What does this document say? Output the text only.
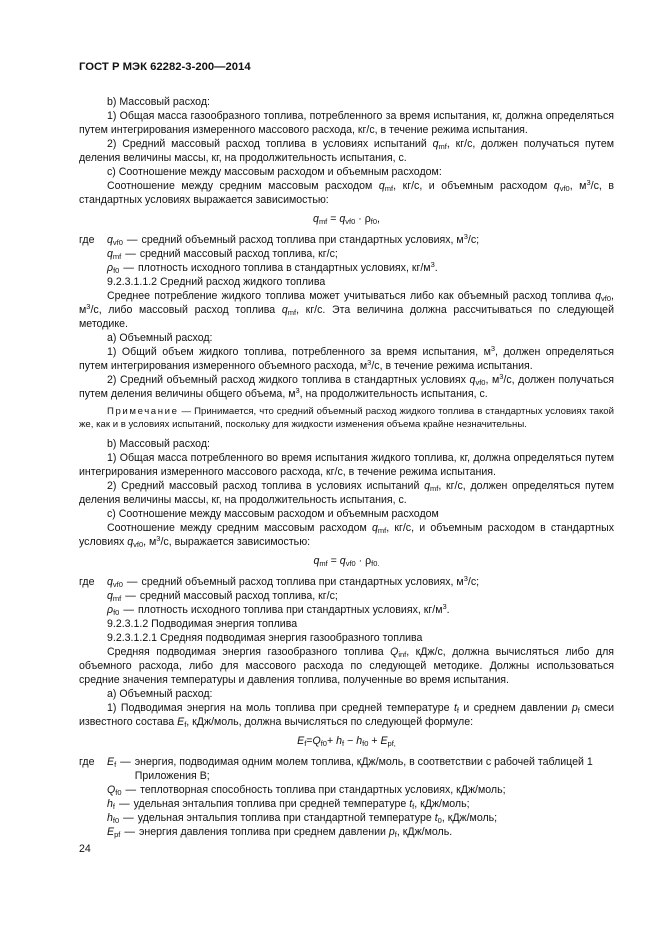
ГОСТ Р МЭК 62282-3-200—2014

b) Массовый расход:

1) Общая масса газообразного топлива, потребленного за время испытания, кг, должна определяться путем интегрирования измеренного массового расхода, кг/с, в течение режима испытания.

2) Средний массовый расход топлива в условиях испытаний $q_{mf}$, кг/с, должен получаться путем деления величины массы, кг, на продолжительность испытания, с.

c) Соотношение между массовым расходом и объемным расходом:

Соотношение между средним массовым расходом $q_{mf}$, кг/с, и объемным расходом $q_{vf0}$, $м^3/с$, в стандартных условиях выражается зависимостью:

$q_{mf} = q_{vf0} \cdot \rho_{f0}$,

где	$q_{vf0}$ — средний объемный расход топлива при стандартных условиях, $м^3/с$;
$q_{mf}$ — средний массовый расход топлива, кг/с;
$\rho_{f0}$ — плотность исходного топлива в стандартных условиях, $кг/м^3$.

9.2.3.1.1.2 Средний расход жидкого топлива

Среднее потребление жидкого топлива может учитываться либо как объемный расход топлива $q_{vf0}$, $м^3/с$, либо массовый расход топлива $q_{mf}$, кг/с. Эта величина должна рассчитываться по следующей методике.

a) Объемный расход:

1) Общий объем жидкого топлива, потребленного за время испытания, $м^3$, должен определяться путем интегрирования измеренного объемного расхода, $м^3/с$, в течение режима испытания.

2) Средний объемный расход жидкого топлива в стандартных условиях $q_{vf0}$, $м^3/с$, должен получаться путем деления величины общего объема, $м^3$, на продолжительность испытания, с.

Примечание — Принимается, что средний объемный расход жидкого топлива в стандартных условиях такой же, как и в условиях испытаний, поскольку для жидкости изменения объема крайне незначительны.

b) Массовый расход:

1) Общая масса потребленного во время испытания жидкого топлива, кг, должна определяться путем интегрирования измеренного массового расхода, кг/с, в течение режима испытания.

2) Средний массовый расход топлива в условиях испытаний $q_{mf}$, кг/с, должен определяться путем деления величины массы, кг, на продолжительность испытания, с.

c) Соотношение между массовым расходом и объемным расходом

Соотношение между средним массовым расходом $q_{mf}$, кг/с, и объемным расходом в стандартных условиях $q_{vf0}$, $м^3/с$, выражается зависимостью:

$q_{mf} = q_{vf0} \cdot \rho_{f0.}$

где	$q_{vf0}$ — средний объемный расход топлива при стандартных условиях, $м^3/с$;
$q_{mf}$ — средний массовый расход топлива, кг/с;
$\rho_{f0}$ — плотность исходного топлива при стандартных условиях, $кг/м^3$.

9.2.3.1.2 Подводимая энергия топлива

9.2.3.1.2.1 Средняя подводимая энергия газообразного топлива

Средняя подводимая энергия газообразного топлива $Q_{inf}$, кДж/с, должна вычисляться либо для объемного расхода, либо для массового расхода по следующей методике. Должны использоваться средние значения температуры и давления топлива, полученные во время испытания.

a) Объемный расход:

1) Подводимая энергия на моль топлива при средней температуре $t_f$ и среднем давлении $p_f$ смеси известного состава $E_f$, кДж/моль, должна вычисляться по следующей формуле:

$E_f=Q_{f0}+ h_f - h_{f0} + E_{pf,}$

где	$E_f$ — энергия, подводимая одним молем топлива, кДж/моль, в соответствии с рабочей таблицей 1 Приложения В;
$Q_{f0}$ — теплотворная способность топлива при стандартных условиях, кДж/моль;
$h_f$ — удельная энтальпия топлива при средней температуре $t_f$, кДж/моль;
$h_{f0}$ — удельная энтальпия топлива при стандартной температуре $t_0$, кДж/моль;
$E_{pf}$ — энергия давления топлива при среднем давлении $p_f$, кДж/моль.
24
